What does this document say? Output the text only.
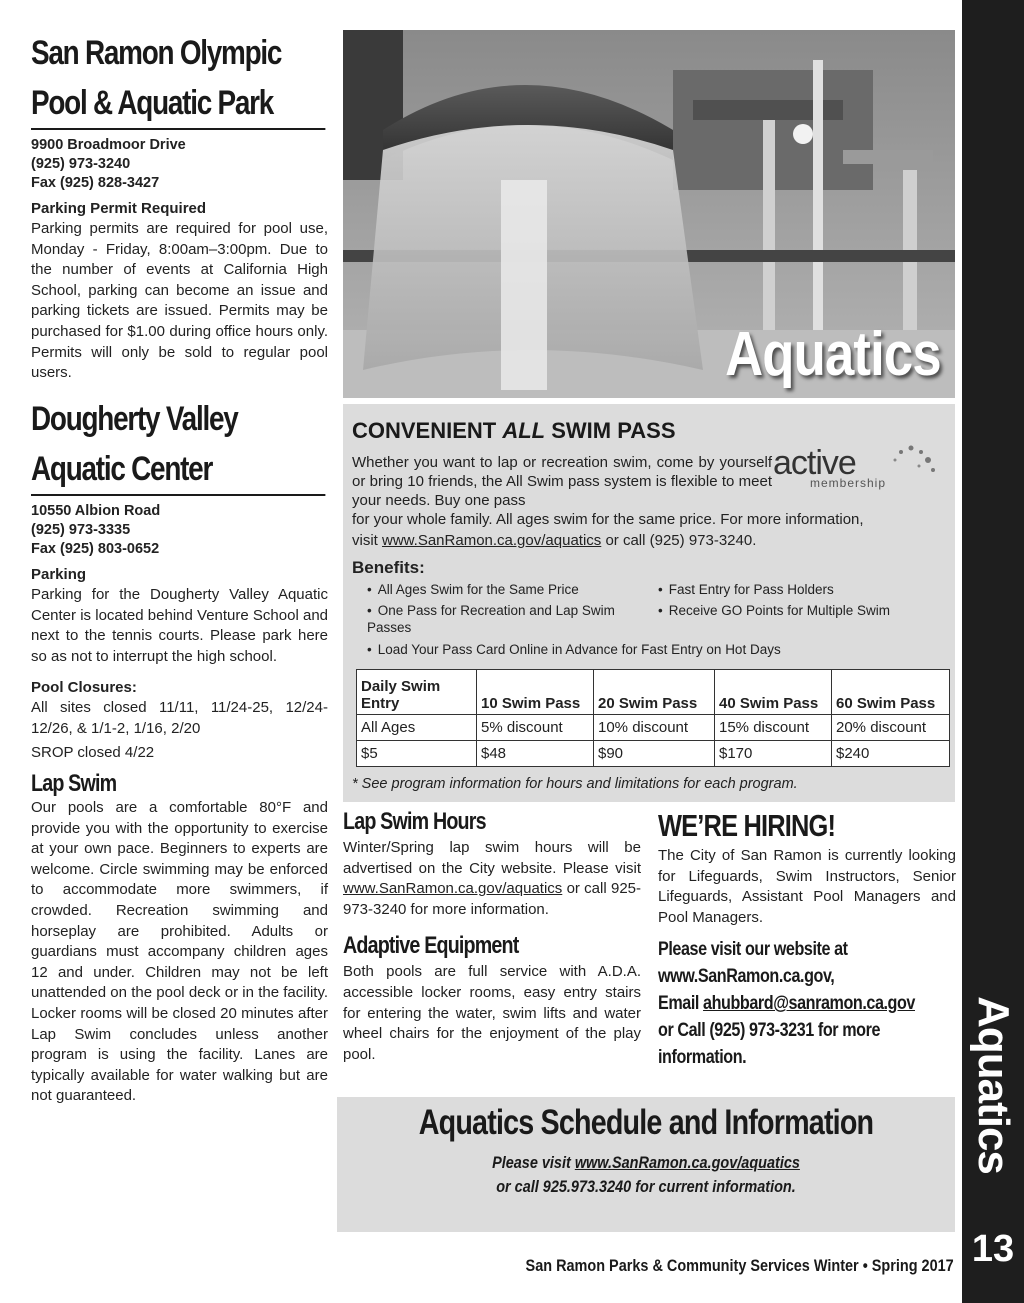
Aquatics
13
San Ramon Olympic
Pool & Aquatic Park
9900 Broadmoor Drive
(925) 973-3240
Fax (925) 828-3427
Parking Permit Required
Parking permits are required for pool use, Monday - Friday, 8:00am–3:00pm. Due to the number of events at California High School, parking can become an issue and parking tickets are issued. Permits may be purchased for $1.00 during office hours only. Permits will only be sold to regular pool users.
Dougherty Valley
Aquatic Center
10550 Albion Road
(925) 973-3335
Fax (925) 803-0652
Parking
Parking for the Dougherty Valley Aquatic Center is located behind Venture School and next to the tennis courts. Please park here so as not to interrupt the high school.
Pool Closures:
All sites closed 11/11, 11/24-25, 12/24-12/26, & 1/1-2, 1/16, 2/20
SROP closed 4/22
Lap Swim
Our pools are a comfortable 80°F and provide you with the opportunity to exercise at your own pace. Beginners to experts are welcome. Circle swimming may be enforced to accommodate more swimmers, if crowded. Recreation swimming and horseplay are prohibited. Adults or guardians must accompany children ages 12 and under. Children may not be left unattended on the pool deck or in the facility. Locker rooms will be closed 20 minutes after Lap Swim concludes unless another program is using the facility. Lanes are typically available for water walking but are not guaranteed.
Aquatics
CONVENIENT ALL SWIM PASS
active
membership
Whether you want to lap or recreation swim, come by yourself or bring 10 friends, the All Swim pass system is flexible to meet your needs. Buy one pass
for your whole family. All ages swim for the same price. For more information,
visit www.SanRamon.ca.gov/aquatics or call (925) 973-3240.
Benefits:
• All Ages Swim for the Same Price	• Fast Entry for Pass Holders
• One Pass for Recreation and Lap Swim Passes
• Receive GO Points for Multiple Swim
• Load Your Pass Card Online in Advance for Fast Entry on Hot Days
Daily Swim Entry	10 Swim Pass	20 Swim Pass	40 Swim Pass	60 Swim Pass
All Ages	5% discount	10% discount	15% discount	20% discount
$5	$48	$90	$170	$240
* See program information for hours and limitations for each program.
Lap Swim Hours
Winter/Spring lap swim hours will be advertised on the City website. Please visit www.SanRamon.ca.gov/aquatics or call 925-973-3240 for more information.
Adaptive Equipment
Both pools are full service with A.D.A. accessible locker rooms, easy entry stairs for entering the water, swim lifts and water wheel chairs for the enjoyment of the play pool.
WE’RE HIRING!
The City of San Ramon is currently looking for Lifeguards, Swim Instructors, Senior Lifeguards, Assistant Pool Managers and Pool Managers.
Please visit our website at
www.SanRamon.ca.gov,
Email ahubbard@sanramon.ca.gov
or Call (925) 973-3231 for more
information.
Aquatics Schedule and Information
Please visit www.SanRamon.ca.gov/aquatics
or call 925.973.3240 for current information.
San Ramon Parks & Community Services Winter • Spring 2017
